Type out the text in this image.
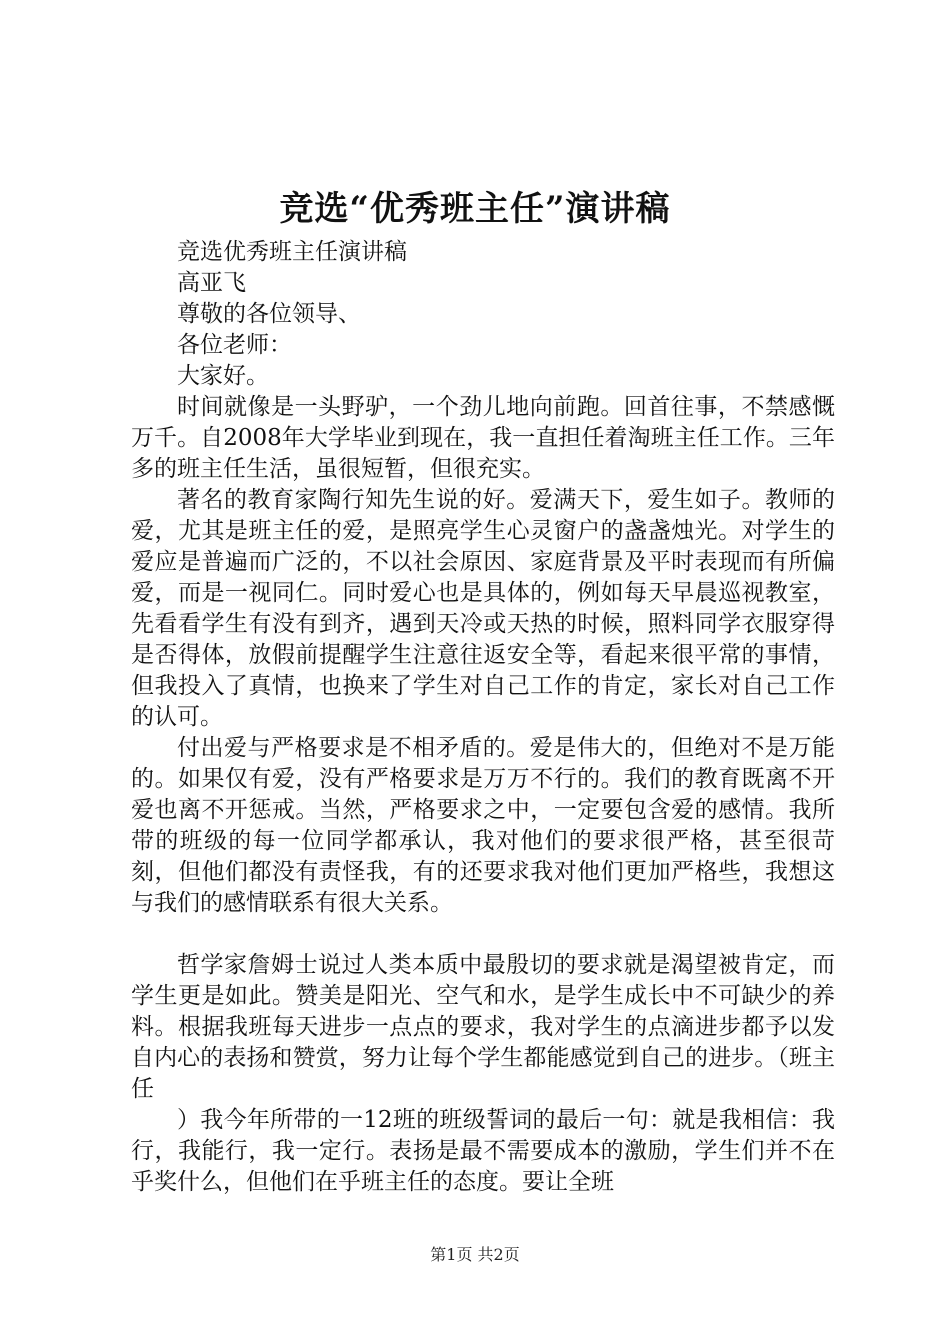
竞选“优秀班主任”演讲稿

竞选优秀班主任演讲稿

高亚飞

尊敬的各位领导、

各位老师：

大家好。

时间就像是一头野驴，一个劲儿地向前跑。回首往事，不禁感慨万千。自2008年大学毕业到现在，我一直担任着淘班主任工作。三年多的班主任生活，虽很短暂，但很充实。

著名的教育家陶行知先生说的好。爱满天下，爱生如子。教师的爱，尤其是班主任的爱，是照亮学生心灵窗户的盏盏烛光。对学生的爱应是普遍而广泛的，不以社会原因、家庭背景及平时表现而有所偏爱，而是一视同仁。同时爱心也是具体的，例如每天早晨巡视教室，先看看学生有没有到齐，遇到天冷或天热的时候，照料同学衣服穿得是否得体，放假前提醒学生注意往返安全等，看起来很平常的事情，但我投入了真情，也换来了学生对自己工作的肯定，家长对自己工作的认可。

付出爱与严格要求是不相矛盾的。爱是伟大的，但绝对不是万能的。如果仅有爱，没有严格要求是万万不行的。我们的教育既离不开爱也离不开惩戒。当然，严格要求之中，一定要包含爱的感情。我所带的班级的每一位同学都承认，我对他们的要求很严格，甚至很苛刻，但他们都没有责怪我，有的还要求我对他们更加严格些，我想这与我们的感情联系有很大关系。

哲学家詹姆士说过人类本质中最殷切的要求就是渴望被肯定，而学生更是如此。赞美是阳光、空气和水，是学生成长中不可缺少的养料。根据我班每天进步一点点的要求，我对学生的点滴进步都予以发自内心的表扬和赞赏，努力让每个学生都能感觉到自己的进步。（班主任

）我今年所带的一12班的班级誓词的最后一句：就是我相信：我行，我能行，我一定行。表扬是最不需要成本的激励，学生们并不在乎奖什么，但他们在乎班主任的态度。要让全班

第1页 共2页
